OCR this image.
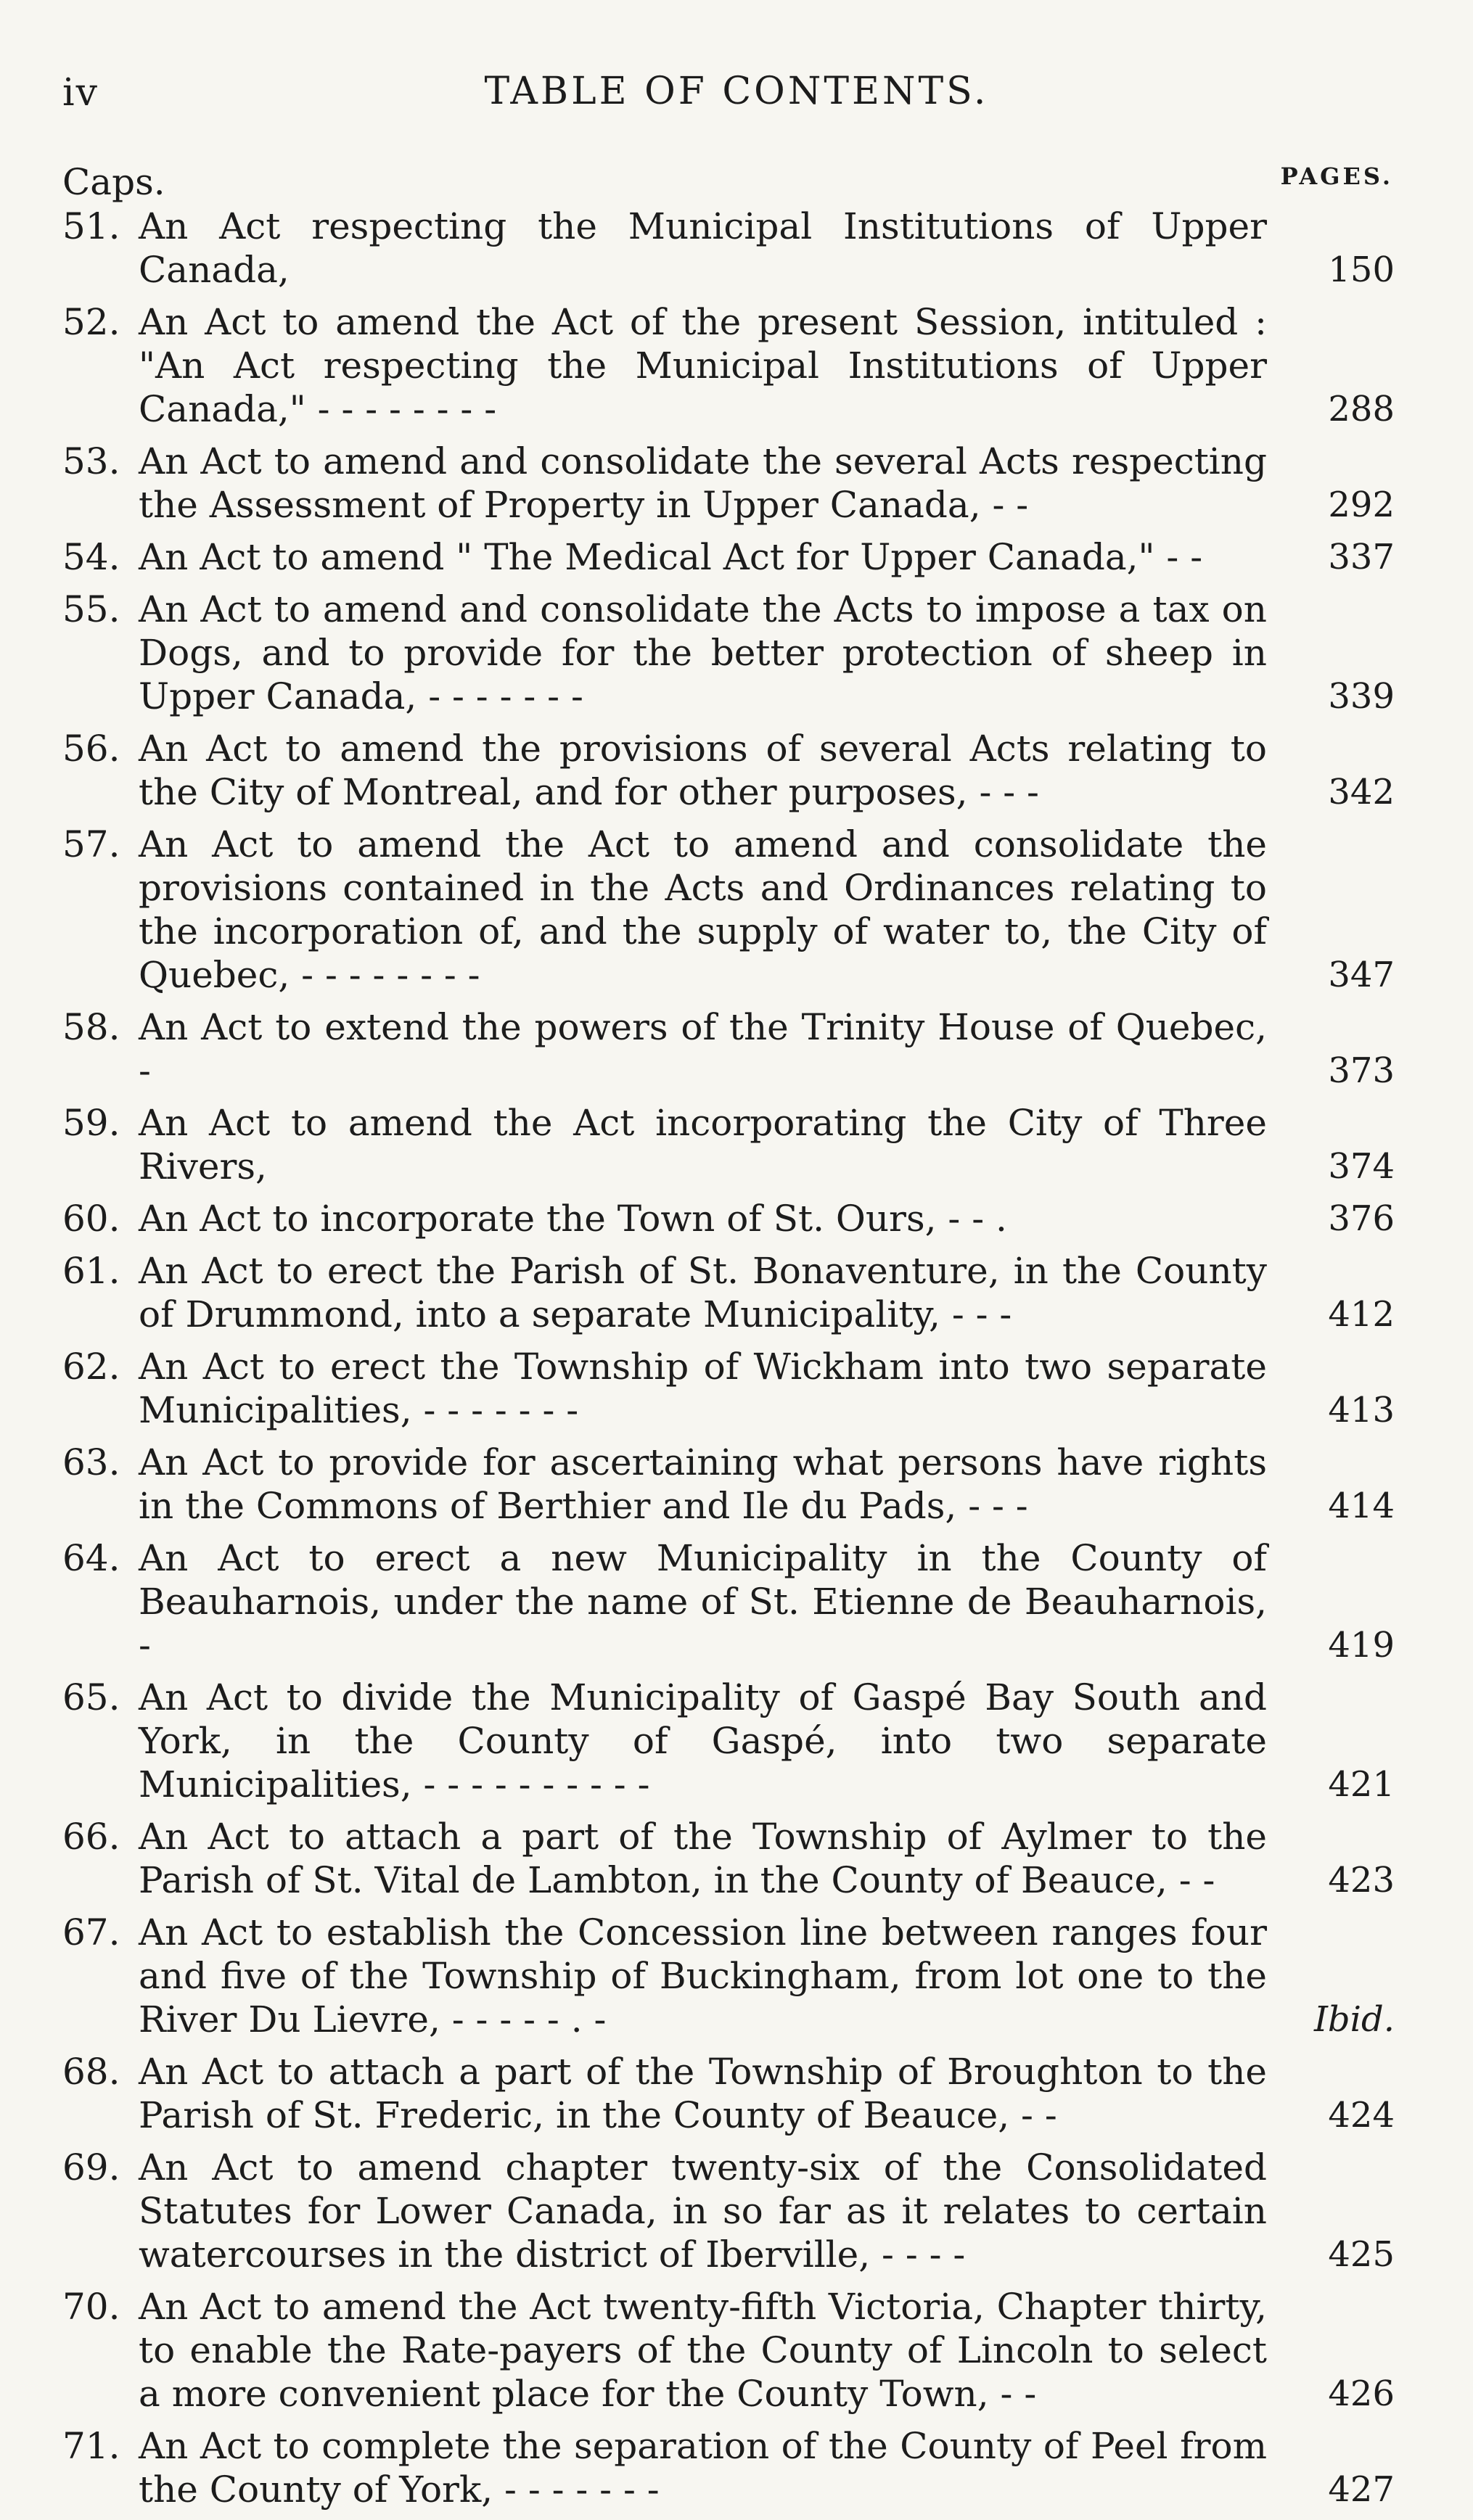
iv	TABLE OF CONTENTS.
Caps.	PAGES.
51. An Act respecting the Municipal Institutions of Upper Canada,	150
52. An Act to amend the Act of the present Session, intituled : "An Act respecting the Municipal Institutions of Upper Canada," - - - - - - - -	288
53. An Act to amend and consolidate the several Acts respecting the Assessment of Property in Upper Canada, - -	292
54. An Act to amend " The Medical Act for Upper Canada," - -	337
55. An Act to amend and consolidate the Acts to impose a tax on Dogs, and to provide for the better protection of sheep in Upper Canada, - - - - - - -	339
56. An Act to amend the provisions of several Acts relating to the City of Montreal, and for other purposes, - - -	342
57. An Act to amend the Act to amend and consolidate the provisions contained in the Acts and Ordinances relating to the incorporation of, and the supply of water to, the City of Quebec, - - - - - - - -	347
58. An Act to extend the powers of the Trinity House of Quebec, -	373
59. An Act to amend the Act incorporating the City of Three Rivers,	374
60. An Act to incorporate the Town of St. Ours, - - .	376
61. An Act to erect the Parish of St. Bonaventure, in the County of Drummond, into a separate Municipality, - - -	412
62. An Act to erect the Township of Wickham into two separate Municipalities, - - - - - - -	413
63. An Act to provide for ascertaining what persons have rights in the Commons of Berthier and Ile du Pads, - - -	414
64. An Act to erect a new Municipality in the County of Beauharnois, under the name of St. Etienne de Beauharnois, -	419
65. An Act to divide the Municipality of Gaspé Bay South and York, in the County of Gaspé, into two separate Municipalities, - - - - - - - - - -	421
66. An Act to attach a part of the Township of Aylmer to the Parish of St. Vital de Lambton, in the County of Beauce, - -	423
67. An Act to establish the Concession line between ranges four and five of the Township of Buckingham, from lot one to the River Du Lievre, - - - - - . -	Ibid.
68. An Act to attach a part of the Township of Broughton to the Parish of St. Frederic, in the County of Beauce, - -	424
69. An Act to amend chapter twenty-six of the Consolidated Statutes for Lower Canada, in so far as it relates to certain watercourses in the district of Iberville, - - - -	425
70. An Act to amend the Act twenty-fifth Victoria, Chapter thirty, to enable the Rate-payers of the County of Lincoln to select a more convenient place for the County Town, - -	426
71. An Act to complete the separation of the County of Peel from the County of York, - - - - - - -	427
